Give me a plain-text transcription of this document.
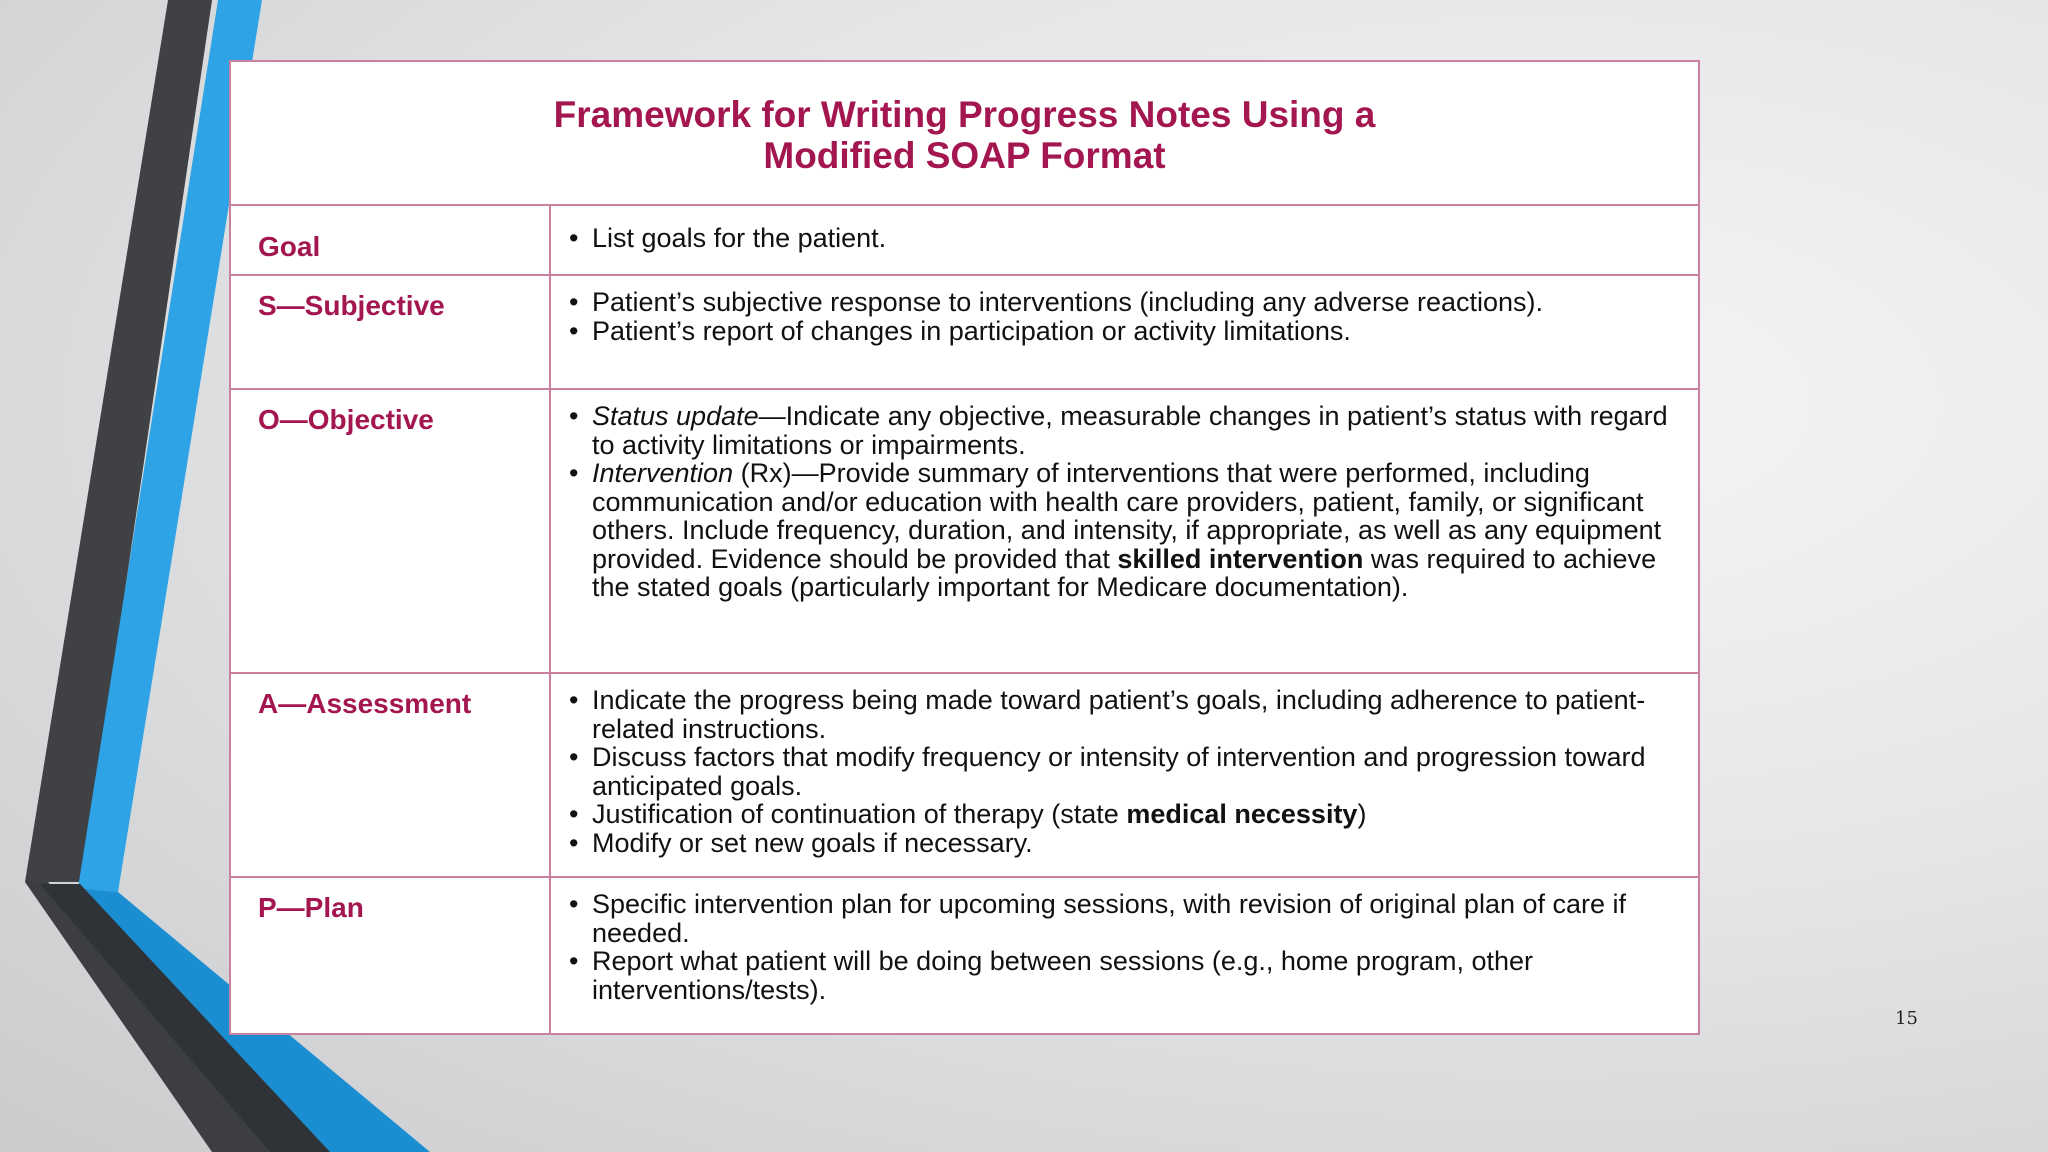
Framework for Writing Progress Notes Using a
Modified SOAP Format
Goal	• List goals for the patient.
S—Subjective	• Patient’s subjective response to interventions (including any adverse reactions).
• Patient’s report of changes in participation or activity limitations.
O—Objective	• Status update—Indicate any objective, measurable changes in patient’s status with regard to activity limitations or impairments.
• Intervention (Rx)—Provide summary of interventions that were performed, including communication and/or education with health care providers, patient, family, or significant others. Include frequency, duration, and intensity, if appropriate, as well as any equipment provided. Evidence should be provided that skilled intervention was required to achieve the stated goals (particularly important for Medicare documentation).
A—Assessment	• Indicate the progress being made toward patient’s goals, including adherence to patient-related instructions.
• Discuss factors that modify frequency or intensity of intervention and progression toward anticipated goals.
• Justification of continuation of therapy (state medical necessity)
• Modify or set new goals if necessary.
P—Plan	• Specific intervention plan for upcoming sessions, with revision of original plan of care if needed.
• Report what patient will be doing between sessions (e.g., home program, other interventions/tests).
15
